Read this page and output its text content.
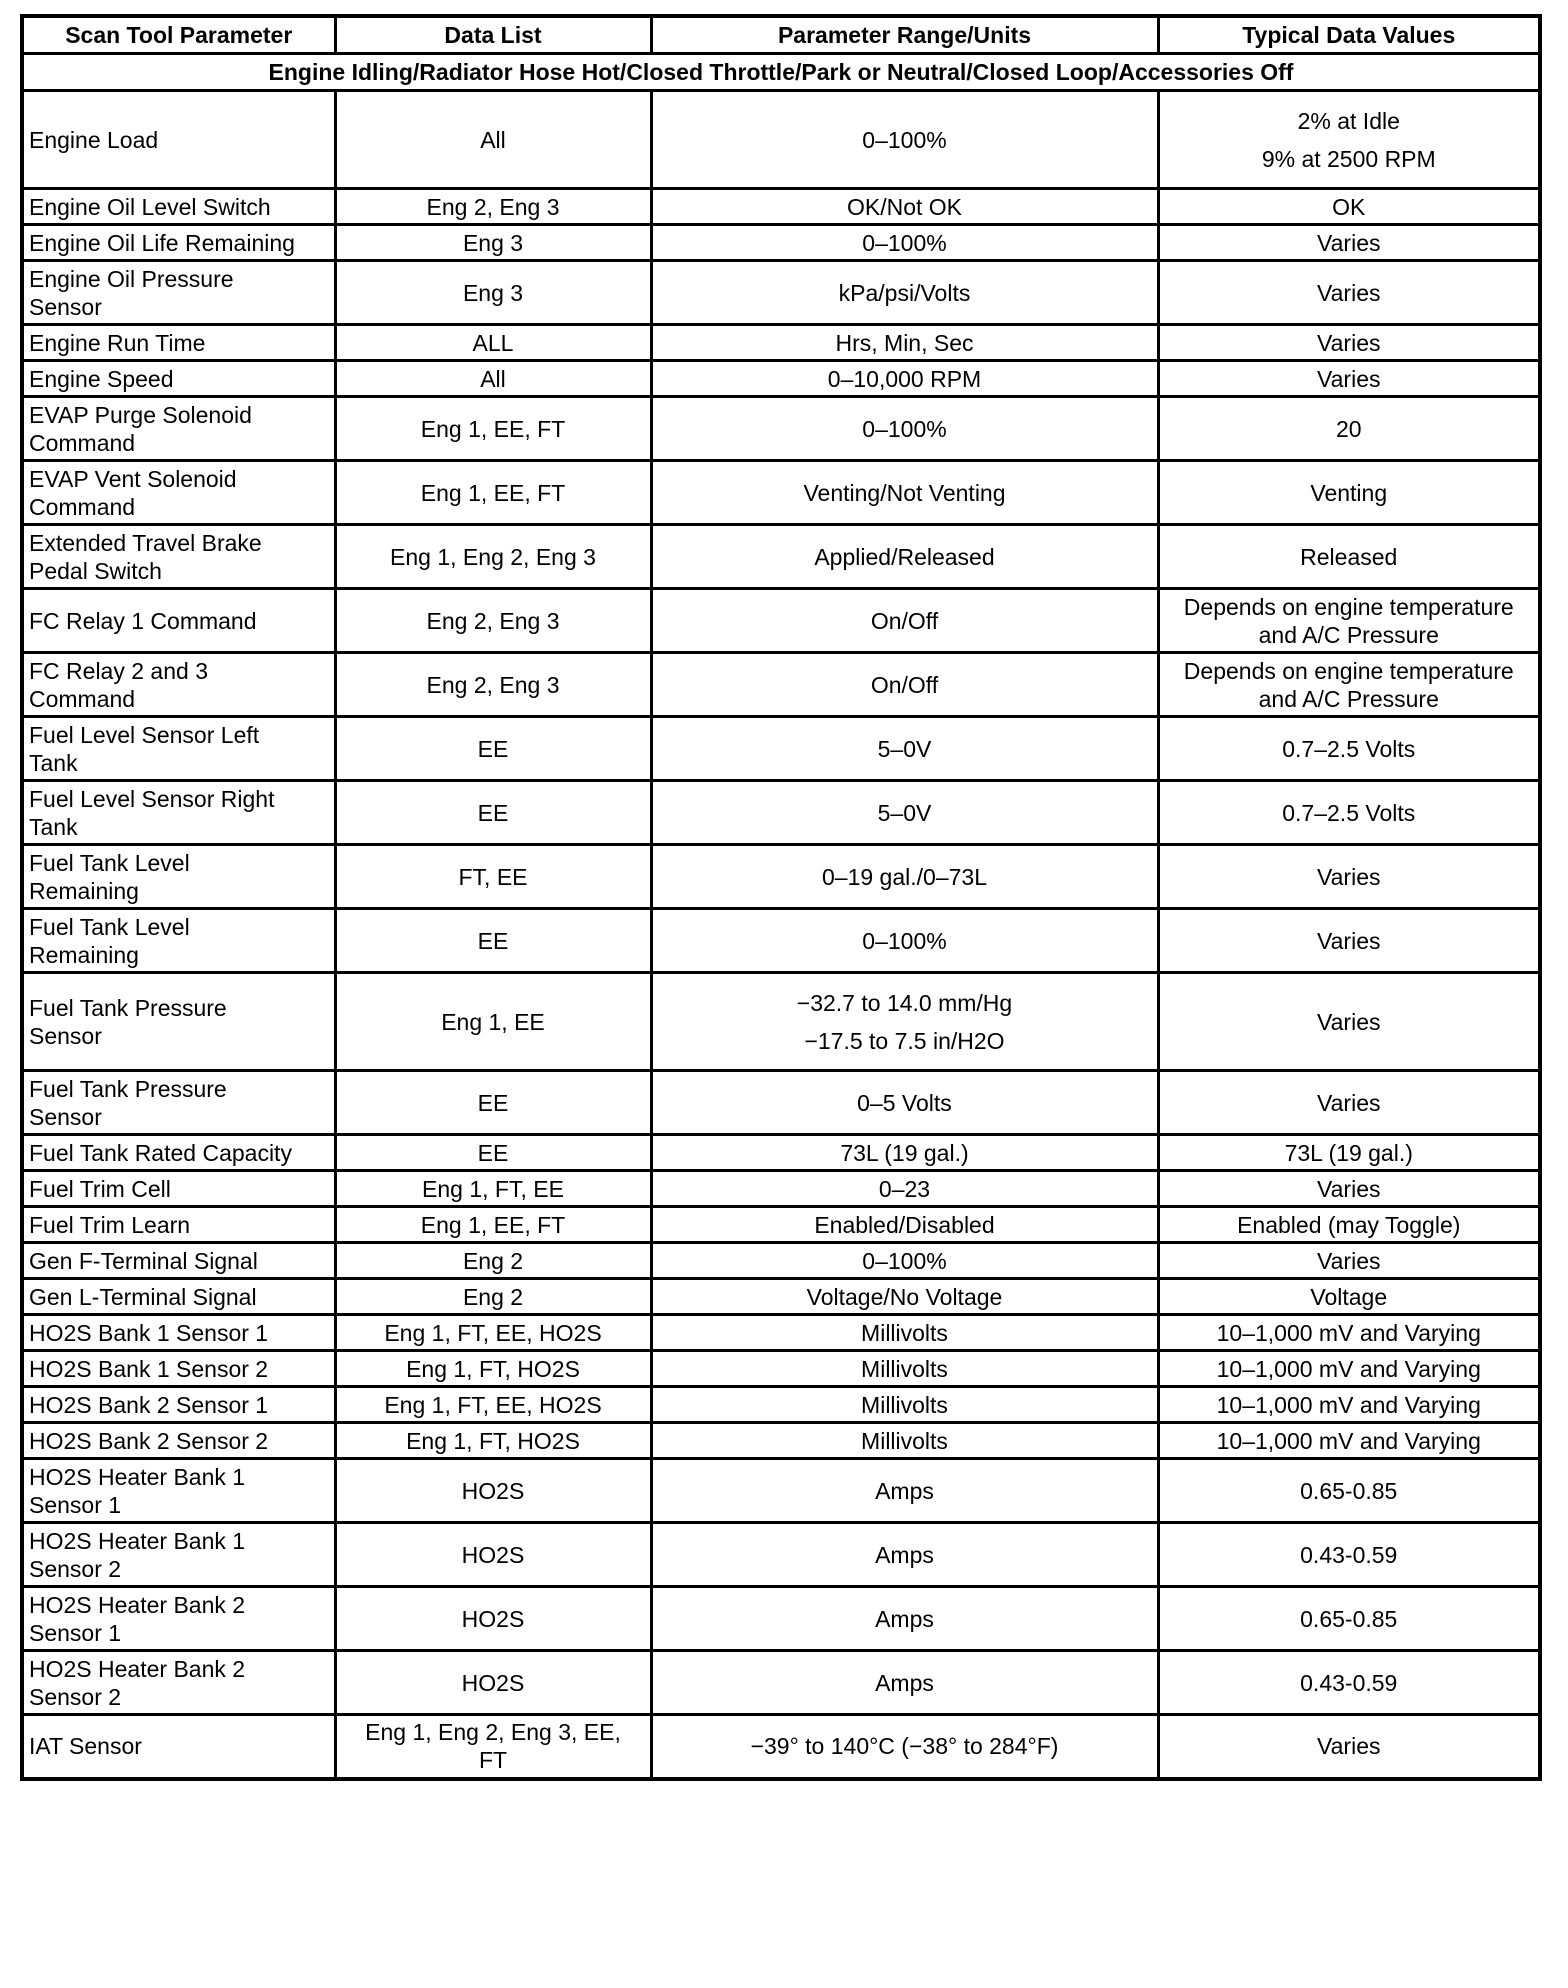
Scan Tool Parameter	Data List	Parameter Range/Units	Typical Data Values
Engine Idling/Radiator Hose Hot/Closed Throttle/Park or Neutral/Closed Loop/Accessories Off			

Engine Load	All	0–100%	2% at Idle
9% at 2500 RPM

Engine Oil Level Switch	Eng 2, Eng 3	OK/Not OK	OK

Engine Oil Life Remaining	Eng 3	0–100%	Varies

Engine Oil Pressure
Sensor	Eng 3	kPa/psi/Volts	Varies

Engine Run Time	ALL	Hrs, Min, Sec	Varies

Engine Speed	All	0–10,000 RPM	Varies

EVAP Purge Solenoid
Command	Eng 1, EE, FT	0–100%	20

EVAP Vent Solenoid
Command	Eng 1, EE, FT	Venting/Not Venting	Venting

Extended Travel Brake
Pedal Switch	Eng 1, Eng 2, Eng 3	Applied/Released	Released

FC Relay 1 Command	Eng 2, Eng 3	On/Off	Depends on engine temperature
and A/C Pressure

FC Relay 2 and 3
Command	Eng 2, Eng 3	On/Off	Depends on engine temperature
and A/C Pressure

Fuel Level Sensor Left
Tank	EE	5–0V	0.7–2.5 Volts

Fuel Level Sensor Right
Tank	EE	5–0V	0.7–2.5 Volts

Fuel Tank Level
Remaining	FT, EE	0–19 gal./0–73L	Varies

Fuel Tank Level
Remaining	EE	0–100%	Varies

Fuel Tank Pressure
Sensor	Eng 1, EE	−32.7 to 14.0 mm/Hg
−17.5 to 7.5 in/H2O	Varies

Fuel Tank Pressure
Sensor	EE	0–5 Volts	Varies

Fuel Tank Rated Capacity	EE	73L (19 gal.)	73L (19 gal.)

Fuel Trim Cell	Eng 1, FT, EE	0–23	Varies

Fuel Trim Learn	Eng 1, EE, FT	Enabled/Disabled	Enabled (may Toggle)

Gen F-Terminal Signal	Eng 2	0–100%	Varies

Gen L-Terminal Signal	Eng 2	Voltage/No Voltage	Voltage

HO2S Bank 1 Sensor 1	Eng 1, FT, EE, HO2S	Millivolts	10–1,000 mV and Varying

HO2S Bank 1 Sensor 2	Eng 1, FT, HO2S	Millivolts	10–1,000 mV and Varying

HO2S Bank 2 Sensor 1	Eng 1, FT, EE, HO2S	Millivolts	10–1,000 mV and Varying

HO2S Bank 2 Sensor 2	Eng 1, FT, HO2S	Millivolts	10–1,000 mV and Varying

HO2S Heater Bank 1
Sensor 1	HO2S	Amps	0.65-0.85

HO2S Heater Bank 1
Sensor 2	HO2S	Amps	0.43-0.59

HO2S Heater Bank 2
Sensor 1	HO2S	Amps	0.65-0.85

HO2S Heater Bank 2
Sensor 2	HO2S	Amps	0.43-0.59

IAT Sensor	Eng 1, Eng 2, Eng 3, EE,
FT	−39° to 140°C (−38° to 284°F)	Varies
